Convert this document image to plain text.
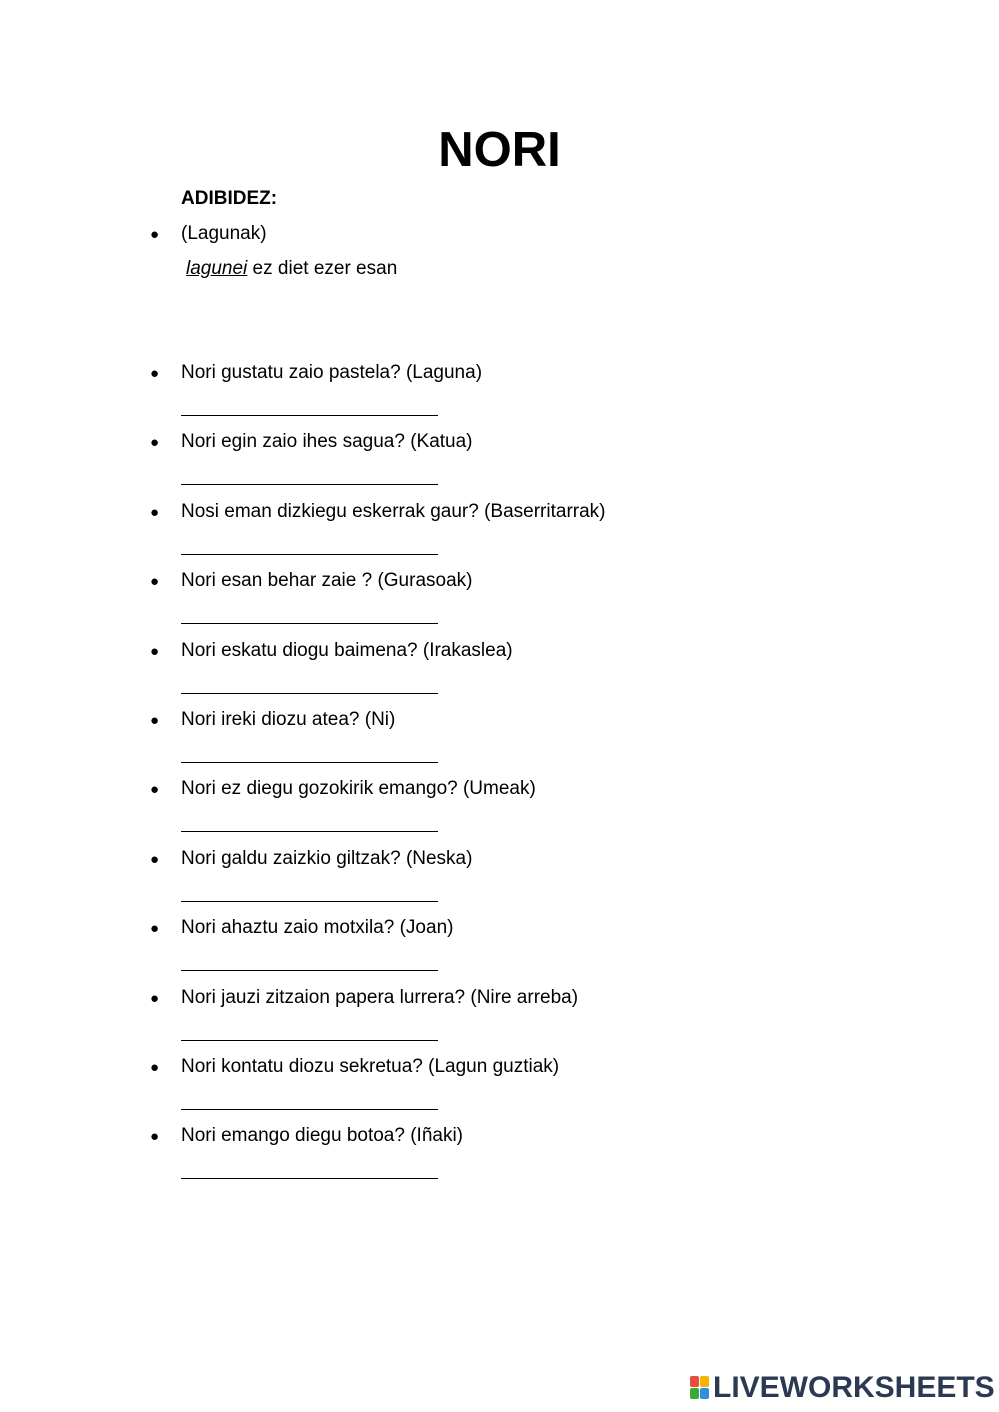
NORI
ADIBIDEZ:
● (Lagunak)
lagunei ez diet ezer esan
● Nori gustatu zaio pastela? (Laguna)
● Nori egin zaio ihes sagua? (Katua)
● Nosi eman dizkiegu eskerrak gaur? (Baserritarrak)
● Nori esan behar zaie ? (Gurasoak)
● Nori eskatu diogu baimena? (Irakaslea)
● Nori ireki diozu atea? (Ni)
● Nori ez diegu gozokirik emango? (Umeak)
● Nori galdu zaizkio giltzak? (Neska)
● Nori ahaztu zaio motxila? (Joan)
● Nori jauzi zitzaion papera lurrera? (Nire arreba)
● Nori kontatu diozu sekretua? (Lagun guztiak)
● Nori emango diegu botoa? (Iñaki)
LIVEWORKSHEETS
